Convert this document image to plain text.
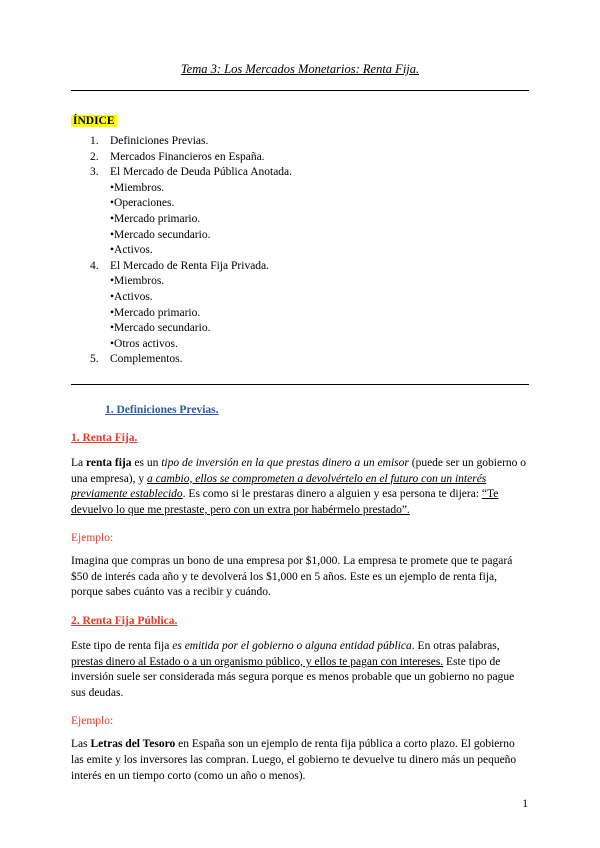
Tema 3: Los Mercados Monetarios: Renta Fija.
ÍNDICE
1. Definiciones Previas.
2. Mercados Financieros en España.
3. El Mercado de Deuda Pública Anotada.
•Miembros.
•Operaciones.
•Mercado primario.
•Mercado secundario.
•Activos.
4. El Mercado de Renta Fija Privada.
•Miembros.
•Activos.
•Mercado primario.
•Mercado secundario.
•Otros activos.
5. Complementos.
1. Definiciones Previas.
1. Renta Fija.

La renta fija es un tipo de inversión en la que prestas dinero a un emisor (puede ser un gobierno o una empresa), y a cambio, ellos se comprometen a devolvértelo en el futuro con un interés previamente establecido. Es como si le prestaras dinero a alguien y esa persona te dijera: “Te devuelvo lo que me prestaste, pero con un extra por habérmelo prestado”.

Ejemplo:

Imagina que compras un bono de una empresa por $1,000. La empresa te promete que te pagará $50 de interés cada año y te devolverá los $1,000 en 5 años. Este es un ejemplo de renta fija, porque sabes cuánto vas a recibir y cuándo.

2. Renta Fija Pública.

Este tipo de renta fija es emitida por el gobierno o alguna entidad pública. En otras palabras, prestas dinero al Estado o a un organismo público, y ellos te pagan con intereses. Este tipo de inversión suele ser considerada más segura porque es menos probable que un gobierno no pague sus deudas.

Ejemplo:

Las Letras del Tesoro en España son un ejemplo de renta fija pública a corto plazo. El gobierno las emite y los inversores las compran. Luego, el gobierno te devuelve tu dinero más un pequeño interés en un tiempo corto (como un año o menos).

1
